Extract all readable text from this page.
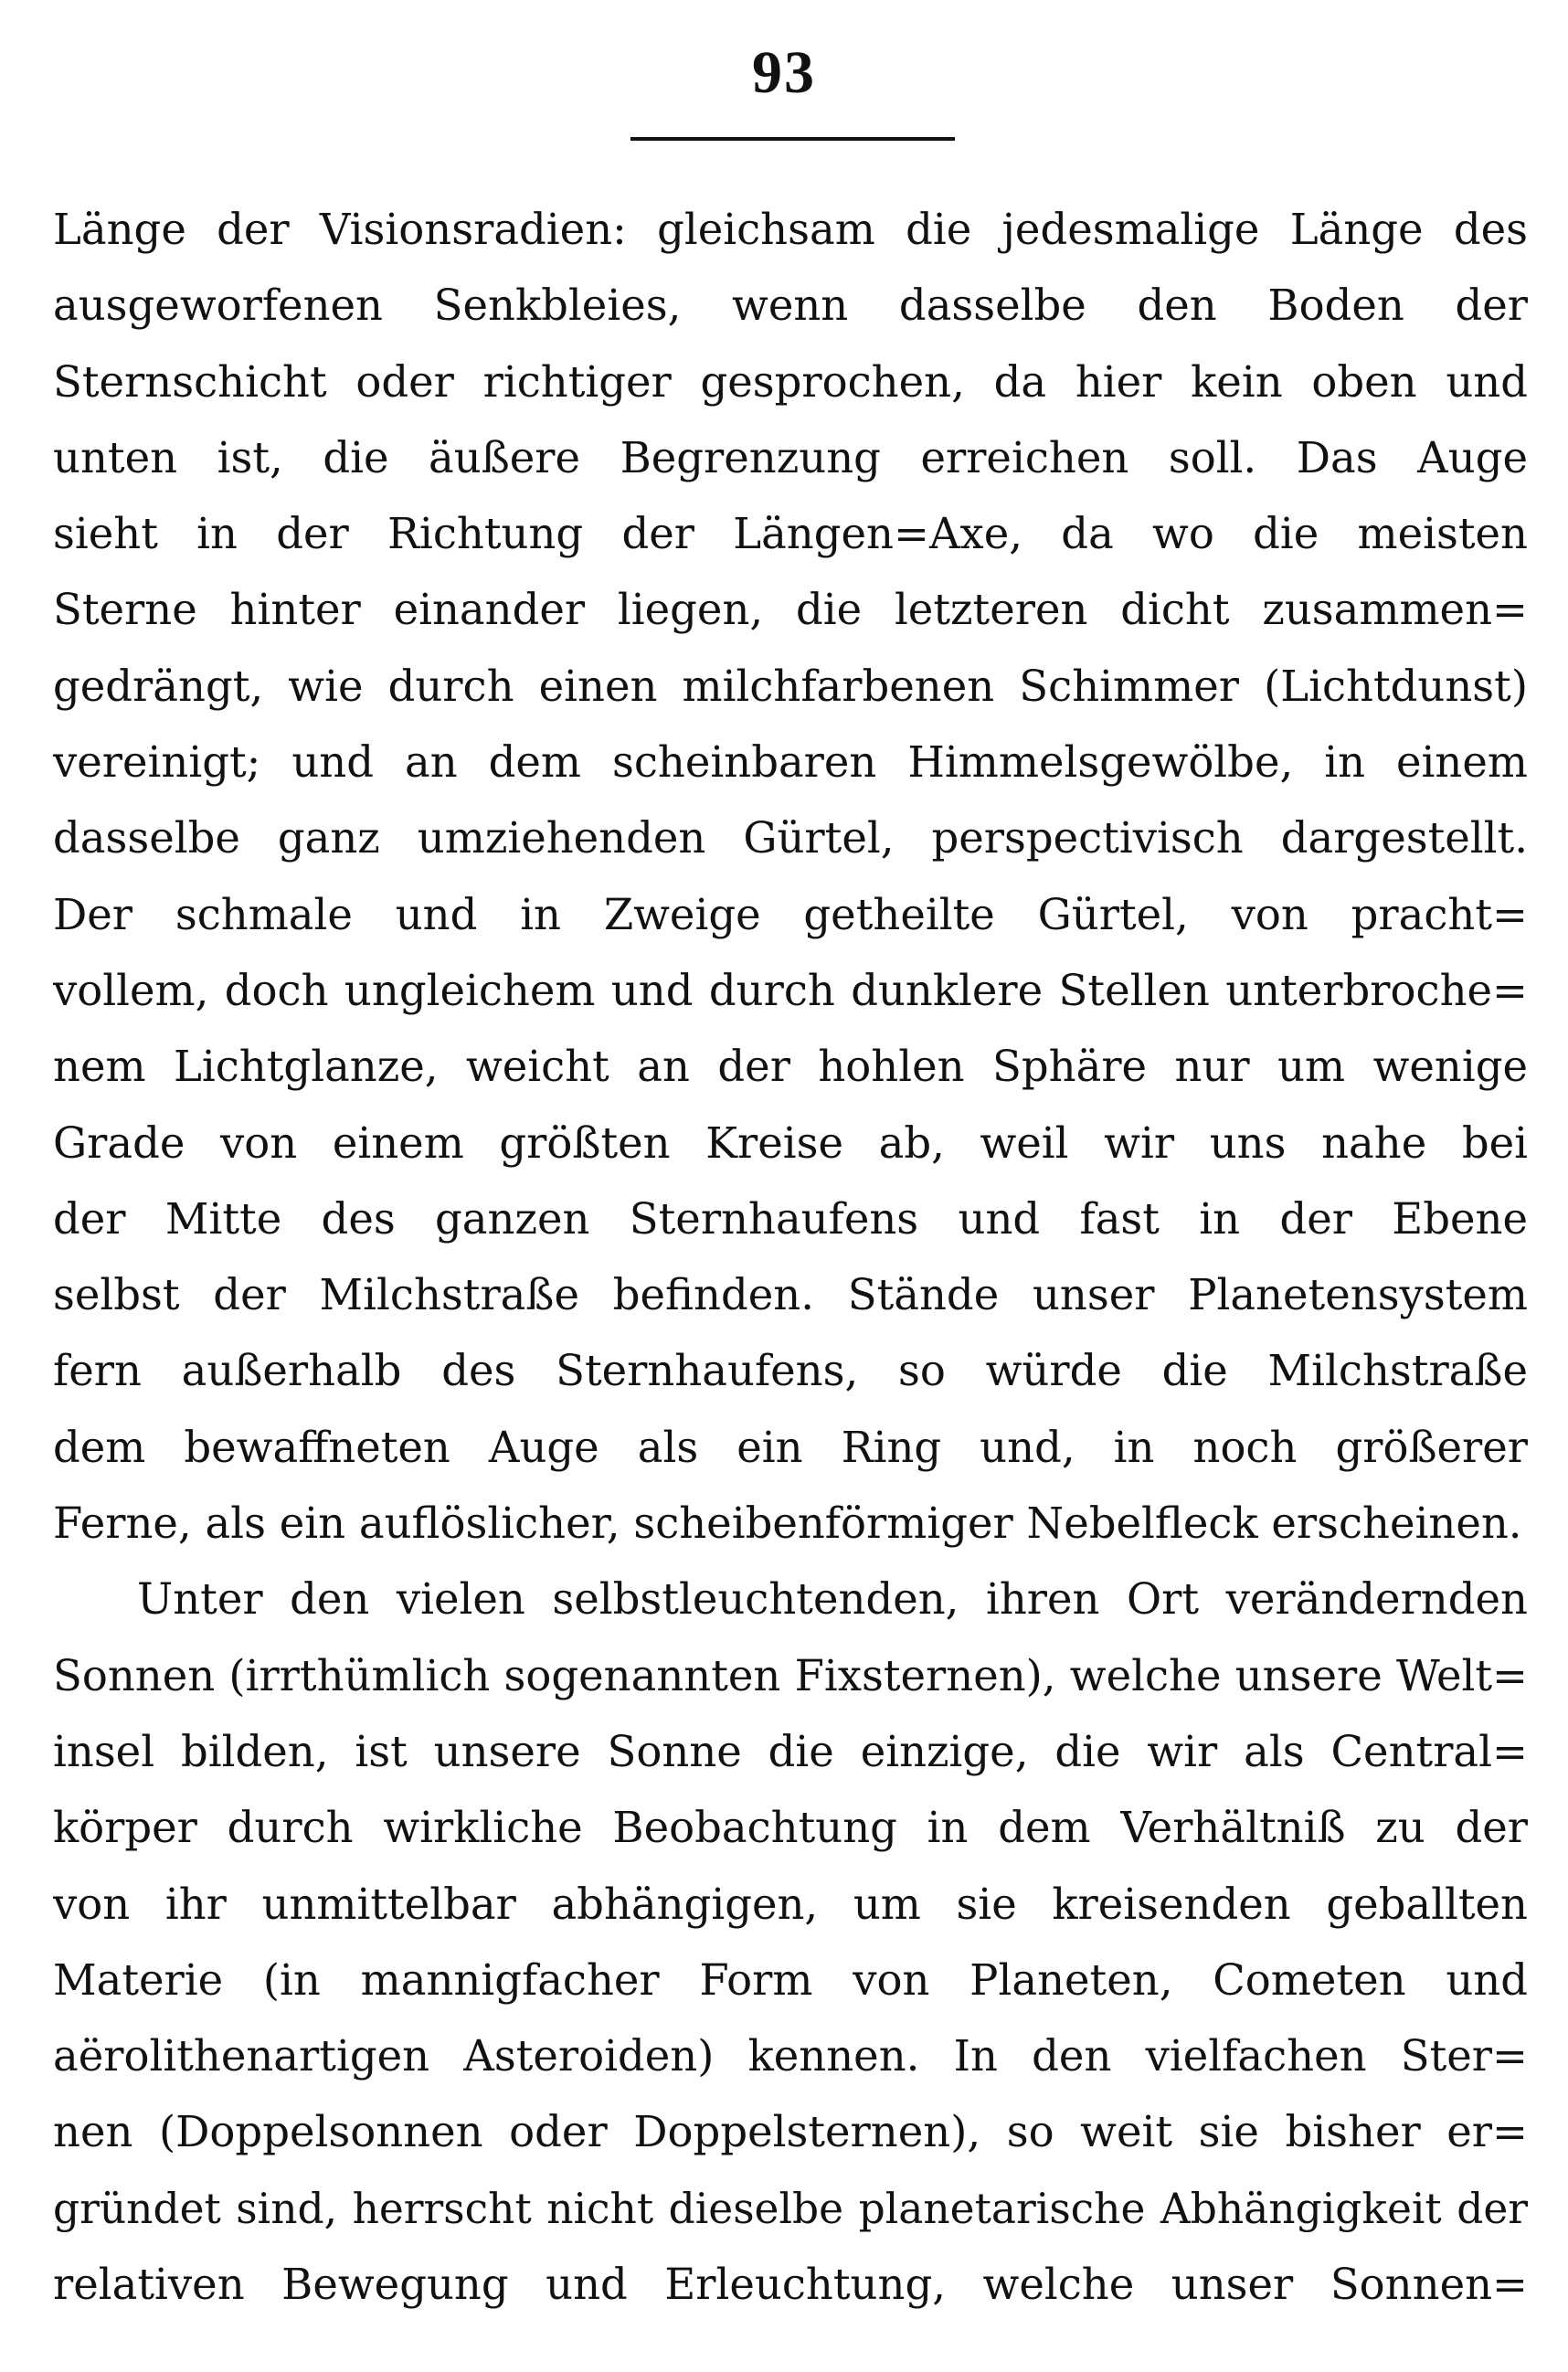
93
Länge der Visionsradien: gleichsam die jedesmalige Länge des
ausgeworfenen Senkbleies, wenn dasselbe den Boden der
Sternschicht oder richtiger gesprochen, da hier kein oben und
unten ist, die äußere Begrenzung erreichen soll. Das Auge
sieht in der Richtung der Längen=Axe, da wo die meisten
Sterne hinter einander liegen, die letzteren dicht zusammen=
gedrängt, wie durch einen milchfarbenen Schimmer (Lichtdunst)
vereinigt; und an dem scheinbaren Himmelsgewölbe, in einem
dasselbe ganz umziehenden Gürtel, perspectivisch dargestellt.
Der schmale und in Zweige getheilte Gürtel, von pracht=
vollem, doch ungleichem und durch dunklere Stellen unterbroche=
nem Lichtglanze, weicht an der hohlen Sphäre nur um wenige
Grade von einem größten Kreise ab, weil wir uns nahe bei
der Mitte des ganzen Sternhaufens und fast in der Ebene
selbst der Milchstraße befinden. Stände unser Planetensystem
fern außerhalb des Sternhaufens, so würde die Milchstraße
dem bewaffneten Auge als ein Ring und, in noch größerer
Ferne, als ein auflöslicher, scheibenförmiger Nebelfleck erscheinen.
Unter den vielen selbstleuchtenden, ihren Ort verändernden
Sonnen (irrthümlich sogenannten Fixsternen), welche unsere Welt=
insel bilden, ist unsere Sonne die einzige, die wir als Central=
körper durch wirkliche Beobachtung in dem Verhältniß zu der
von ihr unmittelbar abhängigen, um sie kreisenden geballten
Materie (in mannigfacher Form von Planeten, Cometen und
aërolithenartigen Asteroiden) kennen. In den vielfachen Ster=
nen (Doppelsonnen oder Doppelsternen), so weit sie bisher er=
gründet sind, herrscht nicht dieselbe planetarische Abhängigkeit der
relativen Bewegung und Erleuchtung, welche unser Sonnen=
